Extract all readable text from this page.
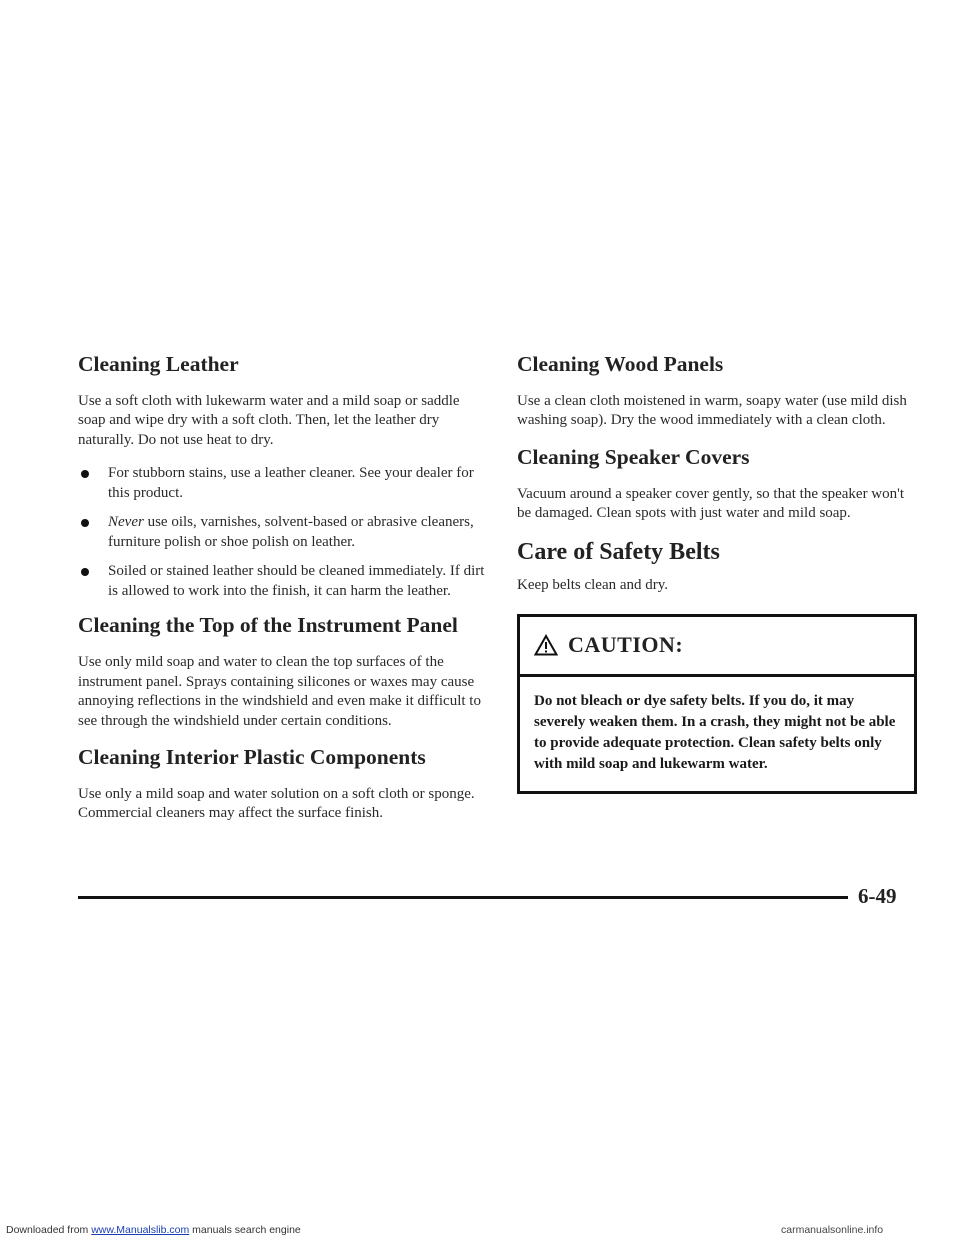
Cleaning Leather

Use a soft cloth with lukewarm water and a mild soap or saddle soap and wipe dry with a soft cloth. Then, let the leather dry naturally. Do not use heat to dry.

For stubborn stains, use a leather cleaner. See your dealer for this product.
Never use oils, varnishes, solvent-based or abrasive cleaners, furniture polish or shoe polish on leather.
Soiled or stained leather should be cleaned immediately. If dirt is allowed to work into the finish, it can harm the leather.
Cleaning the Top of the Instrument Panel

Use only mild soap and water to clean the top surfaces of the instrument panel. Sprays containing silicones or waxes may cause annoying reflections in the windshield and even make it difficult to see through the windshield under certain conditions.

Cleaning Interior Plastic Components

Use only a mild soap and water solution on a soft cloth or sponge. Commercial cleaners may affect the surface finish.

Cleaning Wood Panels

Use a clean cloth moistened in warm, soapy water (use mild dish washing soap). Dry the wood immediately with a clean cloth.

Cleaning Speaker Covers

Vacuum around a speaker cover gently, so that the speaker won't be damaged. Clean spots with just water and mild soap.

Care of Safety Belts

Keep belts clean and dry.

CAUTION:
Do not bleach or dye safety belts. If you do, it may severely weaken them. In a crash, they might not be able to provide adequate protection. Clean safety belts only with mild soap and lukewarm water.
6-49
Downloaded from www.Manualslib.com manuals search engine	carmanualsonline.info
